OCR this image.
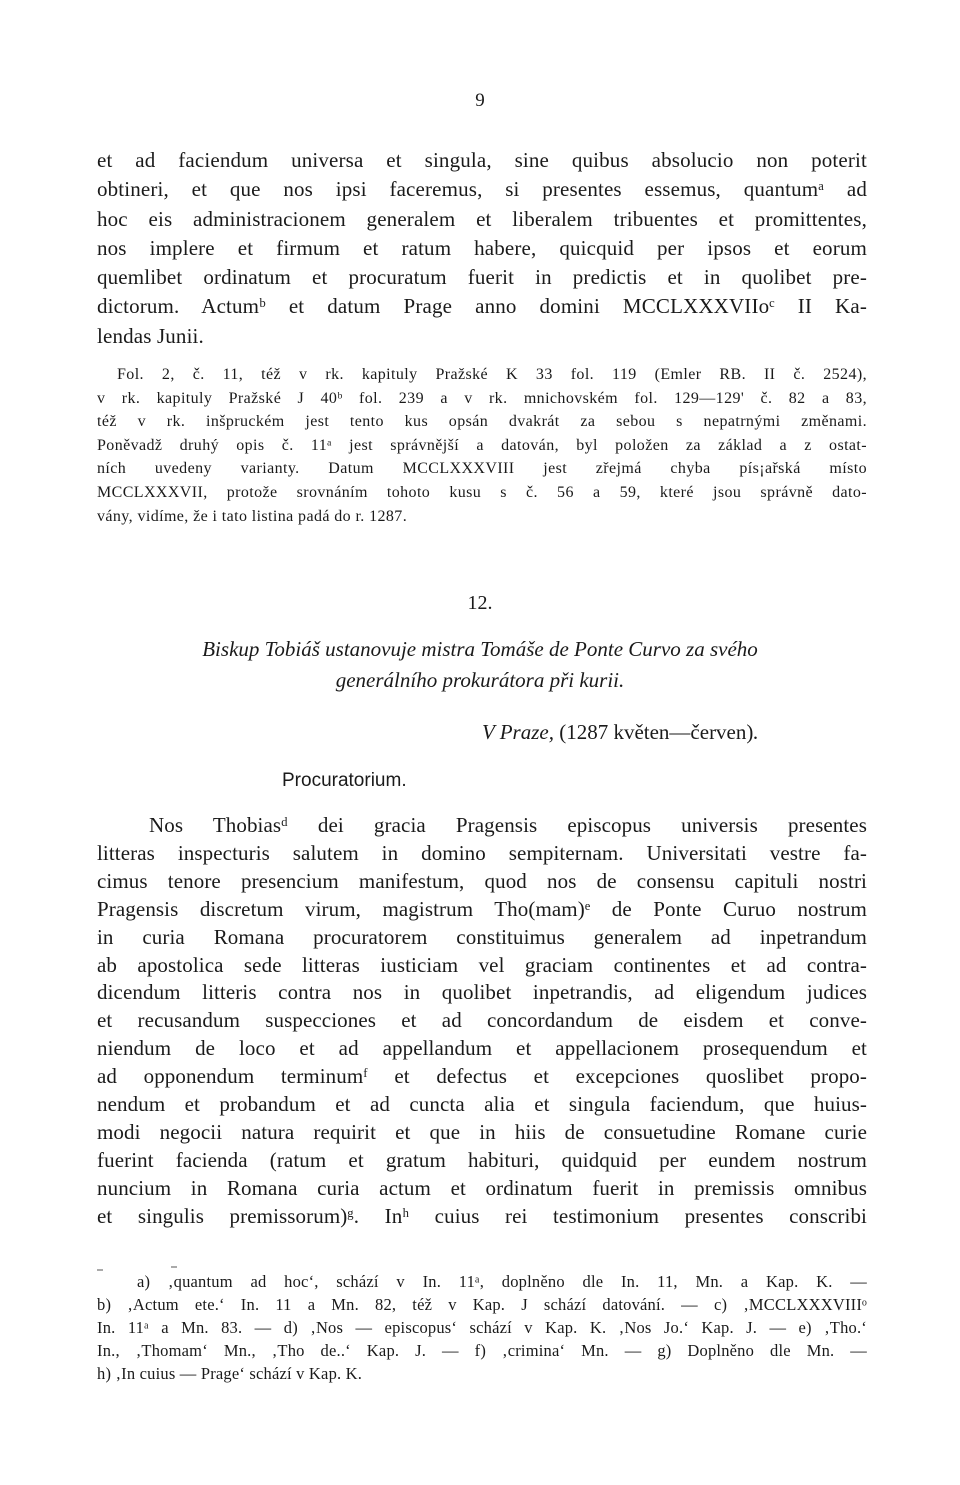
9
et ad faciendum universa et singula, sine quibus absolucio non poterit
obtineri, et que nos ipsi faceremus, si presentes essemus, quantumᵃ ad
hoc eis administracionem generalem et liberalem tribuentes et promittentes,
nos implere et firmum et ratum habere, quicquid per ipsos et eorum
quemlibet ordinatum et procuratum fuerit in predictis et in quolibet pre-
dictorum. Actumᵇ et datum Prage anno domini MCCLXXXVIIoᶜ II Ka-
lendas Junii.
Fol. 2, č. 11, též v rk. kapituly Pražské K 33 fol. 119 (Emler RB. II č. 2524),
v rk. kapituly Pražské J 40ᵇ fol. 239 a v rk. mnichovském fol. 129—129' č. 82 a 83,
též v rk. inšpruckém jest tento kus opsán dvakrát za sebou s nepatrnými změnami.
Poněvadž druhý opis č. 11ᵃ jest správnější a datován, byl položen za základ a z ostat-
ních uvedeny varianty. Datum MCCLXXXVIII jest zřejmá chyba pís¡ařská místo
MCCLXXXVII, protože srovnáním tohoto kusu s č. 56 a 59, které jsou správně dato-
vány, vidíme, že i tato listina padá do r. 1287.
12.
Biskup Tobiáš ustanovuje mistra Tomáše de Ponte Curvo za svého
generálního prokurátora při kurii.
V Praze, (1287 květen—červen).
Procuratorium.
Nos Thobiasᵈ dei gracia Pragensis episcopus universis presentes
litteras inspecturis salutem in domino sempiternam. Universitati vestre fa-
cimus tenore presencium manifestum, quod nos de consensu capituli nostri
Pragensis discretum virum, magistrum Tho(mam)ᵉ de Ponte Curuo nostrum
in curia Romana procuratorem constituimus generalem ad inpetrandum
ab apostolica sede litteras iusticiam vel graciam continentes et ad contra-
dicendum litteris contra nos in quolibet inpetrandis, ad eligendum judices
et recusandum suspecciones et ad concordandum de eisdem et conve-
niendum de loco et ad appellandum et appellacionem prosequendum et
ad opponendum terminumᶠ et defectus et excepciones quoslibet propo-
nendum et probandum et ad cuncta alia et singula faciendum, que huius-
modi negocii natura requirit et que in hiis de consuetudine Romane curie
fuerint facienda (ratum et gratum habituri, quidquid per eundem nostrum
nuncium in Romana curia actum et ordinatum fuerit in premissis omnibus
et singulis premissorum)ᵍ. Inʰ cuius rei testimonium presentes conscribi
a) ‚quantum ad hoc‘, schází v In. 11ᵃ, doplněno dle In. 11, Mn. a Kap. K. —
b) ‚Actum ete.‘ In. 11 a Mn. 82, též v Kap. J schází datování. — c) ‚MCCLXXXVIIIᵒ
In. 11ᵃ a Mn. 83. — d) ‚Nos — episcopus‘ schází v Kap. K. ‚Nos Jo.‘ Kap. J. — e) ‚Tho.‘
In., ‚Thomam‘ Mn., ‚Tho de..‘ Kap. J. — f) ‚crimina‘ Mn. — g) Doplněno dle Mn. —
h) ‚In cuius — Prage‘ schází v Kap. K.
